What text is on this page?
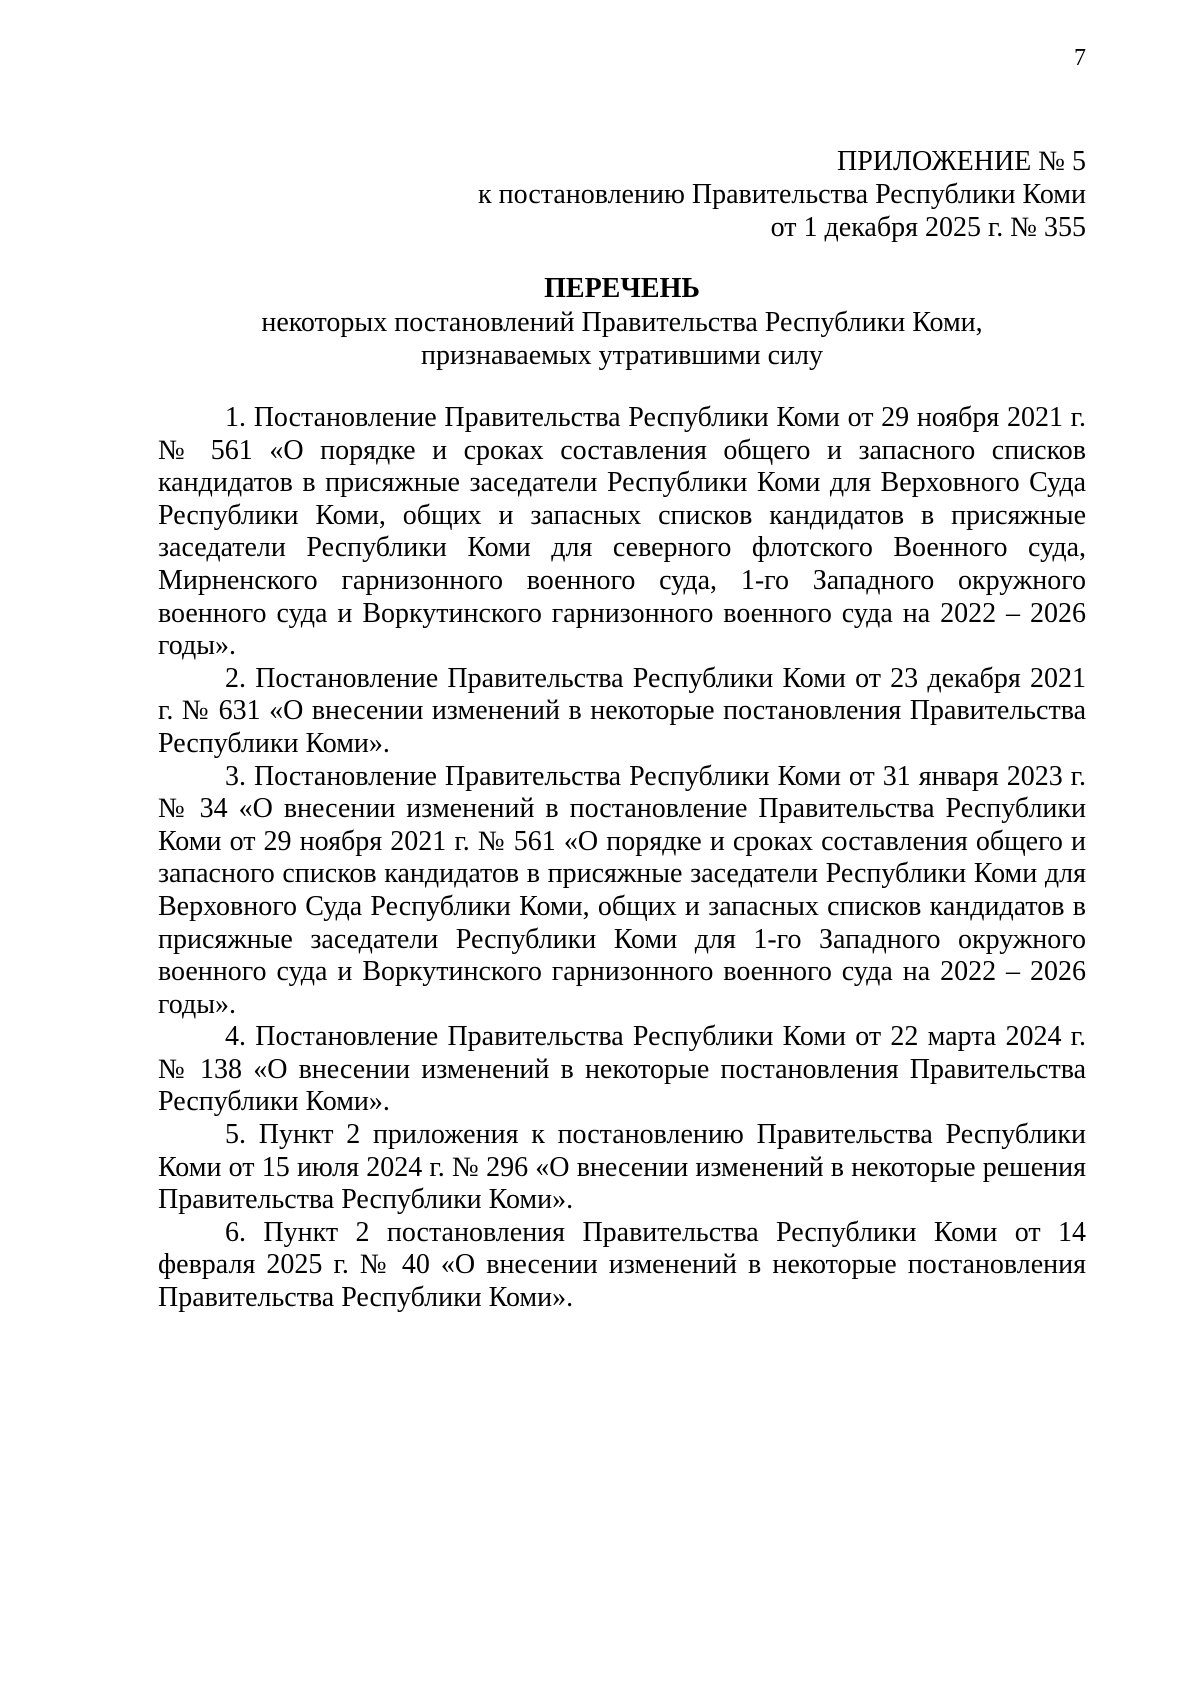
7
ПРИЛОЖЕНИЕ № 5
к постановлению Правительства Республики Коми
от 1 декабря 2025 г. № 355
ПЕРЕЧЕНЬ
некоторых постановлений Правительства Республики Коми,
признаваемых утратившими силу

1. Постановление Правительства Республики Коми от 29 ноября 2021 г. № 561 «О порядке и сроках составления общего и запасного списков кандидатов в присяжные заседатели Республики Коми для Верховного Суда Республики Коми, общих и запасных списков кандидатов в присяжные заседатели Республики Коми для северного флотского Военного суда, Мирненского гарнизонного военного суда, 1-го Западного окружного военного суда и Воркутинского гарнизонного военного суда на 2022 – 2026 годы».

2. Постановление Правительства Республики Коми от 23 декабря 2021 г. № 631 «О внесении изменений в некоторые постановления Правительства Республики Коми».

3. Постановление Правительства Республики Коми от 31 января 2023 г. № 34 «О внесении изменений в постановление Правительства Республики Коми от 29 ноября 2021 г. № 561 «О порядке и сроках составления общего и запасного списков кандидатов в присяжные заседатели Республики Коми для Верховного Суда Республики Коми, общих и запасных списков кандидатов в присяжные заседатели Республики Коми для 1-го Западного окружного военного суда и Воркутинского гарнизонного военного суда на 2022 – 2026 годы».

4. Постановление Правительства Республики Коми от 22 марта 2024 г. № 138 «О внесении изменений в некоторые постановления Правительства Республики Коми».

5. Пункт 2 приложения к постановлению Правительства Республики Коми от 15 июля 2024 г. № 296 «О внесении изменений в некоторые решения Правительства Республики Коми».

6. Пункт 2 постановления Правительства Республики Коми от 14 февраля 2025 г. № 40 «О внесении изменений в некоторые постановления Правительства Республики Коми».
